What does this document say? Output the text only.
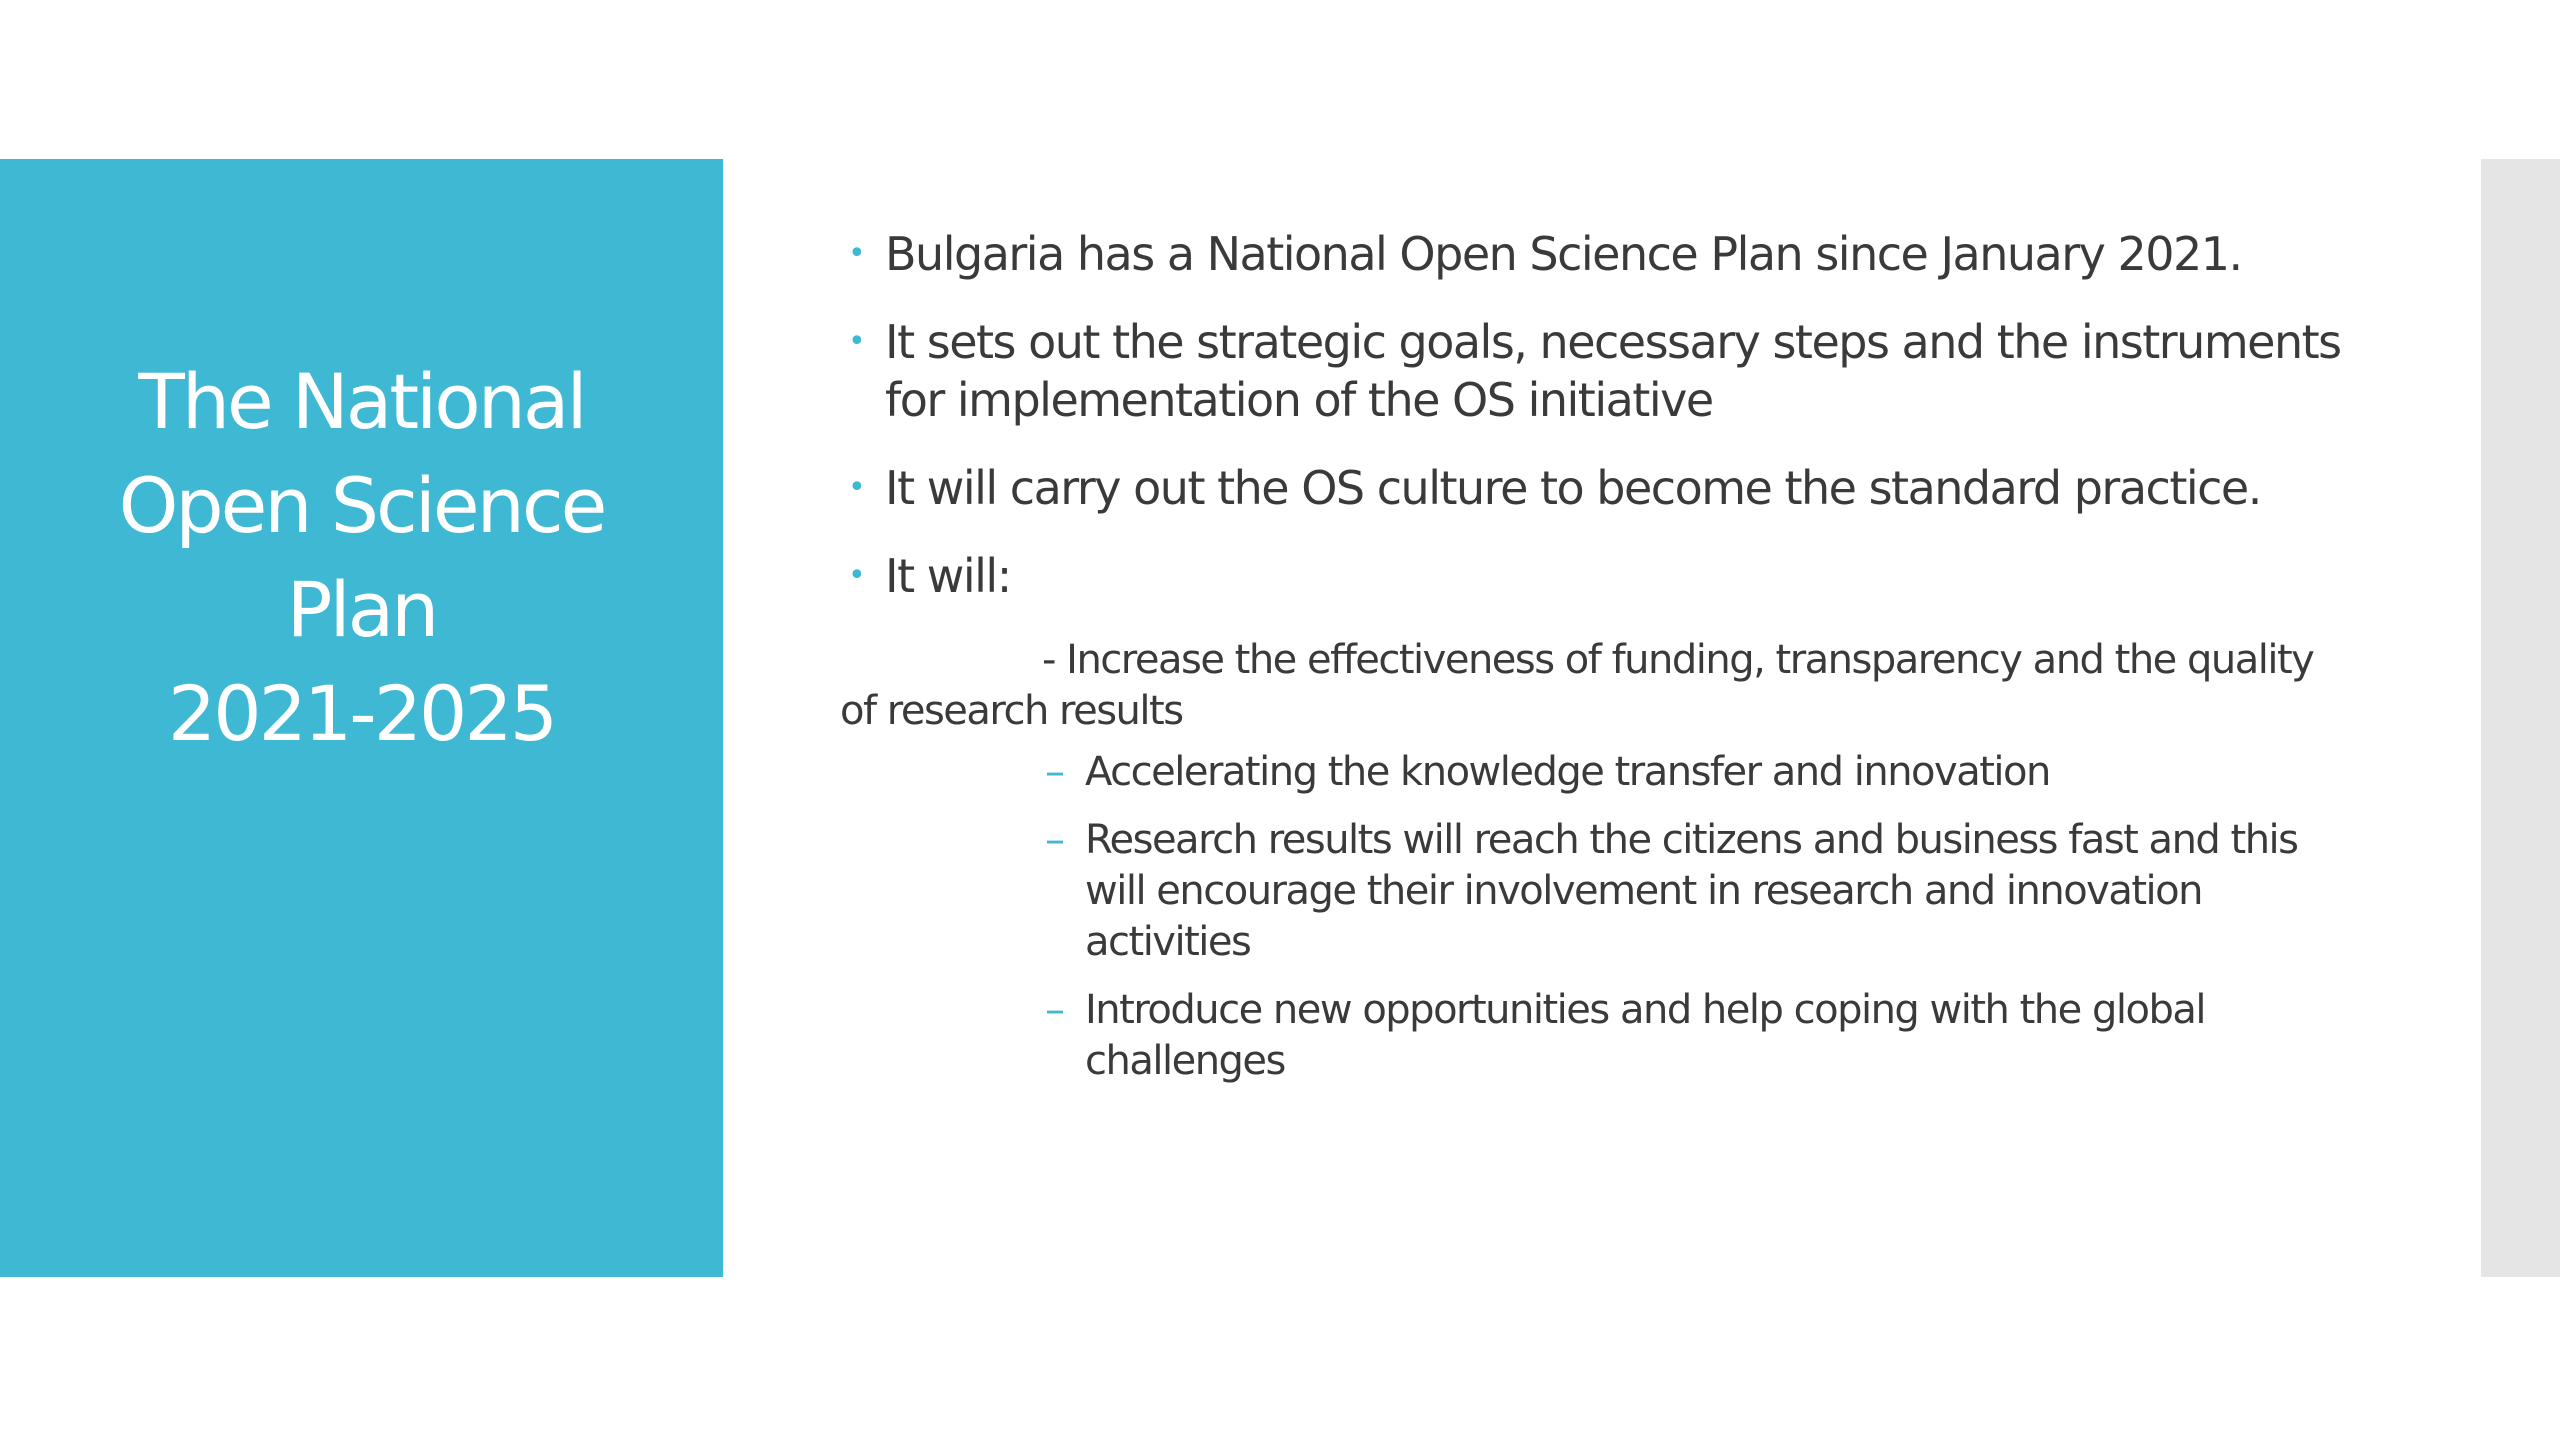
The National
Open Science
Plan
2021-2025
• Bulgaria has a National Open Science Plan since January 2021.
• It sets out the strategic goals, necessary steps and the instruments for implementation of the OS initiative
• It will carry out the OS culture to become the standard practice.
• It will:
- Increase the effectiveness of funding, transparency and the quality of research results
– Accelerating the knowledge transfer and innovation
– Research results will reach the citizens and business fast and this will encourage their involvement in research and innovation activities
– Introduce new opportunities and help coping with the global challenges
